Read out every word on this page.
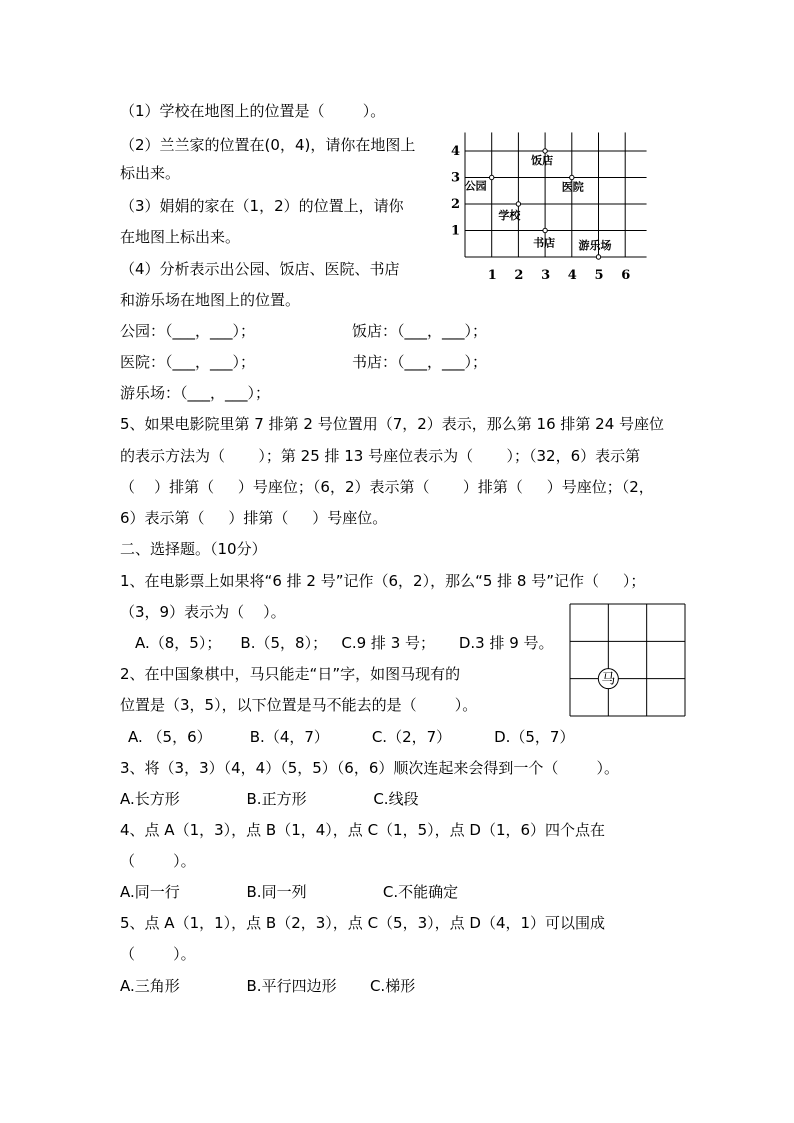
（1）学校在地图上的位置是（        ）。
（2）兰兰家的位置在(0，4)，请你在地图上
标出来。
（3）娟娟的家在（1，2）的位置上，请你
在地图上标出来。
（4）分析表示出公园、饭店、医院、书店
和游乐场在地图上的位置。
公园：（___，___）；	饭店：（___，___）；
医院：（___，___）；	书店：（___，___）；
游乐场：（___，___）；
5、如果电影院里第 7 排第 2 号位置用（7，2）表示，那么第 16 排第 24 号座位
的表示方法为（       ）；第 25 排 13 号座位表示为（       ）；（32，6）表示第
（    ）排第（     ）号座位；（6，2）表示第（       ）排第（     ）号座位；（2，
6）表示第（     ）排第（     ）号座位。
二、选择题。（10分）
1、在电影票上如果将“6 排 2 号”记作（6，2），那么“5 排 8 号”记作（     ）；
（3，9）表示为（    ）。
A.（8，5）；    B.（5，8）；   C.9 排 3 号；     D.3 排 9 号。
2、在中国象棋中，马只能走“日”字，如图马现有的
位置是（3，5），以下位置是马不能去的是（        ）。
A. （5，6）        B.（4，7）         C.（2，7）         D.（5，7）
3、将（3，3）（4，4）（5，5）（6，6）顺次连起来会得到一个（        ）。
A.长方形              B.正方形              C.线段
4、点 A（1，3），点 B（1，4），点 C（1，5），点 D（1，6）四个点在
（        ）。
A.同一行              B.同一列                C.不能确定
5、点 A（1，1），点 B（2，3），点 C（5，3），点 D（4，1）可以围成
（        ）。
A.三角形              B.平行四边形       C.梯形
1 2 3 4 5 6
1
2
3
4
饭店
公园	医院
学校
书店 游乐场
马
